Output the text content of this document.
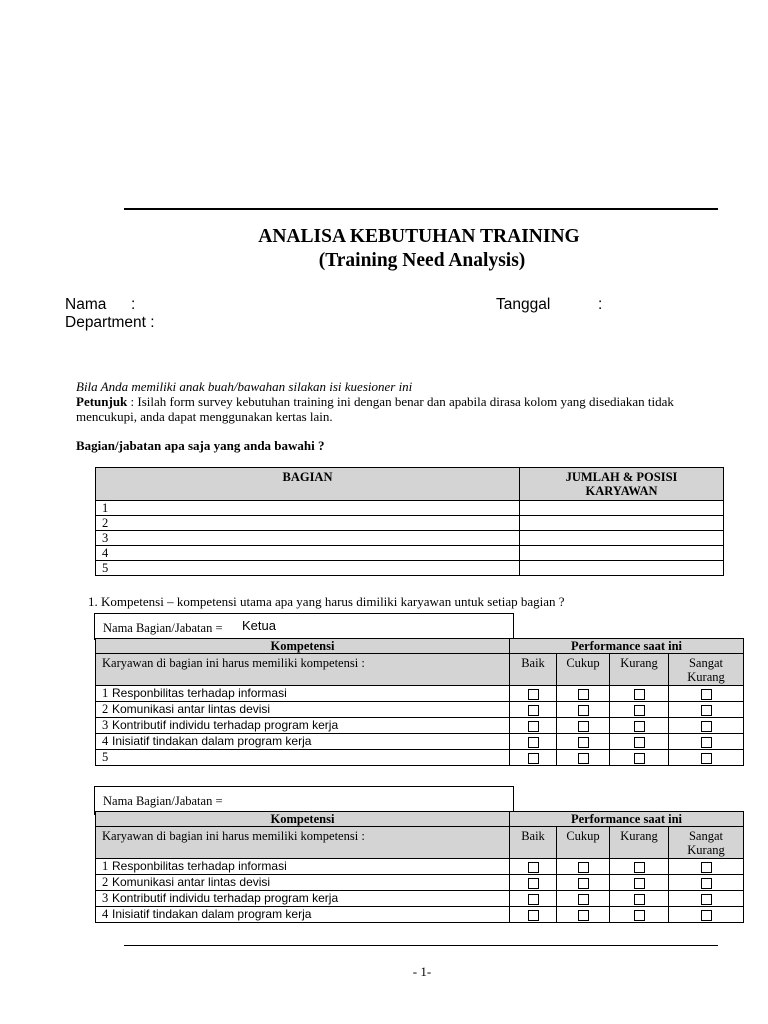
ANALISA KEBUTUHAN TRAINING
(Training Need Analysis)
Nama :	Tanggal	:
Department :
Bila Anda memiliki anak buah/bawahan silakan isi kuesioner ini
Petunjuk : Isilah form survey kebutuhan training ini dengan benar dan apabila dirasa kolom yang disediakan tidak
mencukupi, anda dapat menggunakan kertas lain.
Bagian/jabatan apa saja yang anda bawahi ?
BAGIAN	JUMLAH & POSISI
KARYAWAN
1	
2	
3	
4	
5	
1. Kompetensi – kompetensi utama apa yang harus dimiliki karyawan untuk setiap bagian ?
Nama Bagian/Jabatan = Ketua
Kompetensi	Performance saat ini			
Karyawan di bagian ini harus memiliki kompetensi :	Baik	Cukup	Kurang	Sangat
Kurang
1 Responbilitas terhadap informasi				
2 Komunikasi antar lintas devisi				
3 Kontributif individu terhadap program kerja				
4 Inisiatif tindakan dalam program kerja				
5				
Nama Bagian/Jabatan =
Kompetensi	Performance saat ini			
Karyawan di bagian ini harus memiliki kompetensi :	Baik	Cukup	Kurang	Sangat
Kurang
1 Responbilitas terhadap informasi				
2 Komunikasi antar lintas devisi				
3 Kontributif individu terhadap program kerja				
4 Inisiatif tindakan dalam program kerja				
- 1-
